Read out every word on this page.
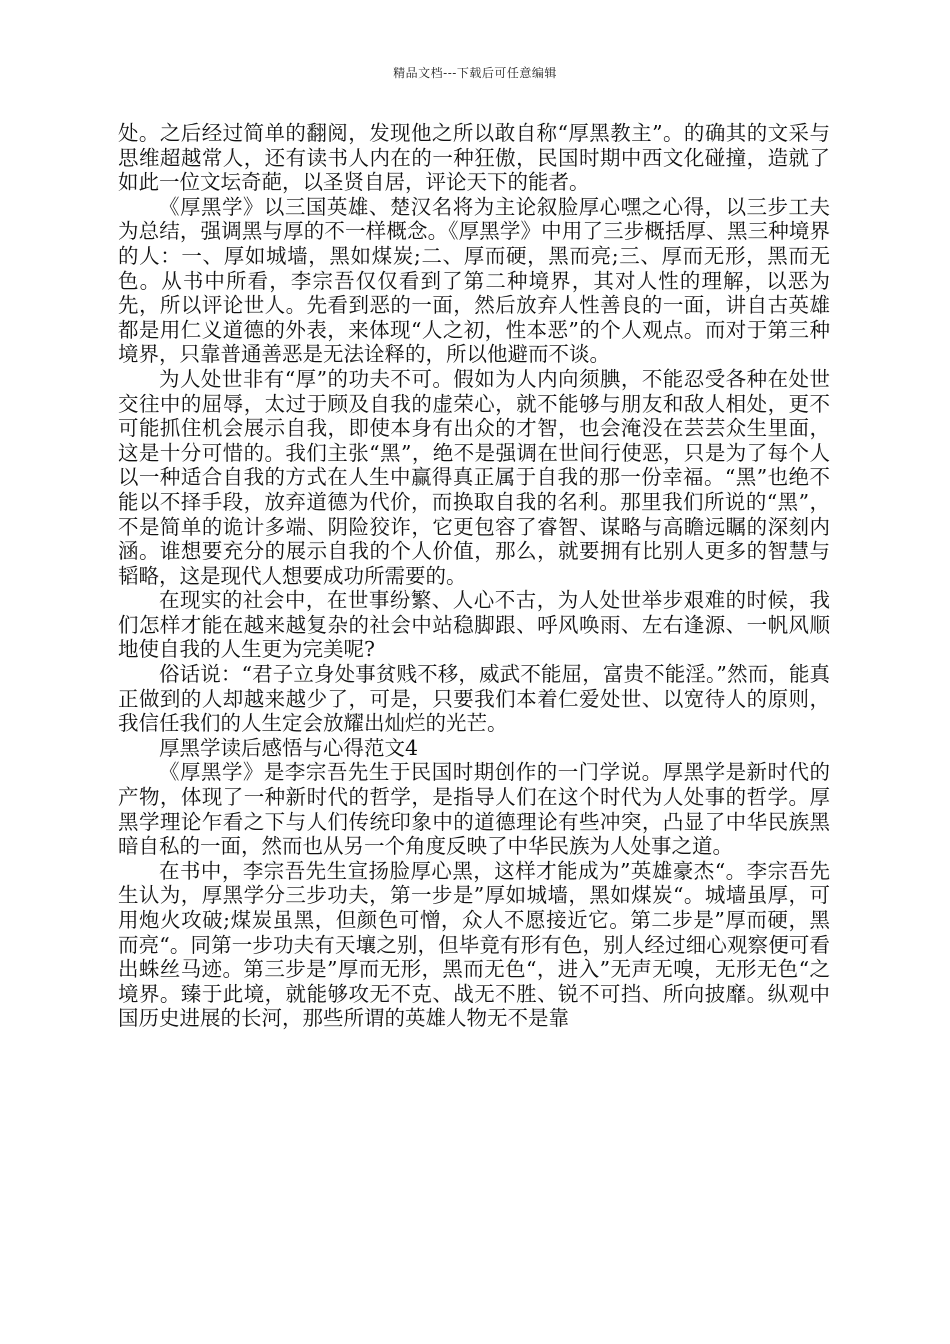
精品文档---下载后可任意编辑

处。之后经过简单的翻阅，发现他之所以敢自称“厚黑教主”。的确其的文采与思维超越常人，还有读书人内在的一种狂傲，民国时期中西文化碰撞，造就了如此一位文坛奇葩，以圣贤自居，评论天下的能者。

《厚黑学》以三国英雄、楚汉名将为主论叙脸厚心嘿之心得，以三步工夫为总结，强调黑与厚的不一样概念。《厚黑学》中用了三步概括厚、黑三种境界的人：一、厚如城墙，黑如煤炭;二、厚而硬，黑而亮;三、厚而无形，黑而无色。从书中所看，李宗吾仅仅看到了第二种境界，其对人性的理解，以恶为先，所以评论世人。先看到恶的一面，然后放弃人性善良的一面，讲自古英雄都是用仁义道德的外表，来体现“人之初，性本恶”的个人观点。而对于第三种境界，只靠普通善恶是无法诠释的，所以他避而不谈。

为人处世非有“厚”的功夫不可。假如为人内向须腆，不能忍受各种在处世交往中的屈辱，太过于顾及自我的虚荣心，就不能够与朋友和敌人相处，更不可能抓住机会展示自我，即使本身有出众的才智，也会淹没在芸芸众生里面，这是十分可惜的。我们主张“黑”，绝不是强调在世间行使恶，只是为了每个人以一种适合自我的方式在人生中赢得真正属于自我的那一份幸福。“黑”也绝不能以不择手段，放弃道德为代价，而换取自我的名利。那里我们所说的“黑”，不是简单的诡计多端、阴险狡诈，它更包容了睿智、谋略与高瞻远瞩的深刻内涵。谁想要充分的展示自我的个人价值，那么，就要拥有比别人更多的智慧与韬略，这是现代人想要成功所需要的。

在现实的社会中，在世事纷繁、人心不古，为人处世举步艰难的时候，我们怎样才能在越来越复杂的社会中站稳脚跟、呼风唤雨、左右逢源、一帆风顺地使自我的人生更为完美呢?

俗话说：“君子立身处事贫贱不移，威武不能屈，富贵不能淫。”然而，能真正做到的人却越来越少了，可是，只要我们本着仁爱处世、以宽待人的原则，我信任我们的人生定会放耀出灿烂的光芒。

厚黑学读后感悟与心得范文4

《厚黑学》是李宗吾先生于民国时期创作的一门学说。厚黑学是新时代的产物，体现了一种新时代的哲学，是指导人们在这个时代为人处事的哲学。厚黑学理论乍看之下与人们传统印象中的道德理论有些冲突，凸显了中华民族黑暗自私的一面，然而也从另一个角度反映了中华民族为人处事之道。

在书中，李宗吾先生宣扬脸厚心黑，这样才能成为”英雄豪杰“。李宗吾先生认为，厚黑学分三步功夫，第一步是”厚如城墙，黑如煤炭“。城墙虽厚，可用炮火攻破;煤炭虽黑，但颜色可憎，众人不愿接近它。第二步是”厚而硬，黑而亮“。同第一步功夫有天壤之别，但毕竟有形有色，别人经过细心观察便可看出蛛丝马迹。第三步是”厚而无形，黑而无色“，进入”无声无嗅，无形无色“之境界。臻于此境，就能够攻无不克、战无不胜、锐不可挡、所向披靡。纵观中国历史进展的长河，那些所谓的英雄人物无不是靠
